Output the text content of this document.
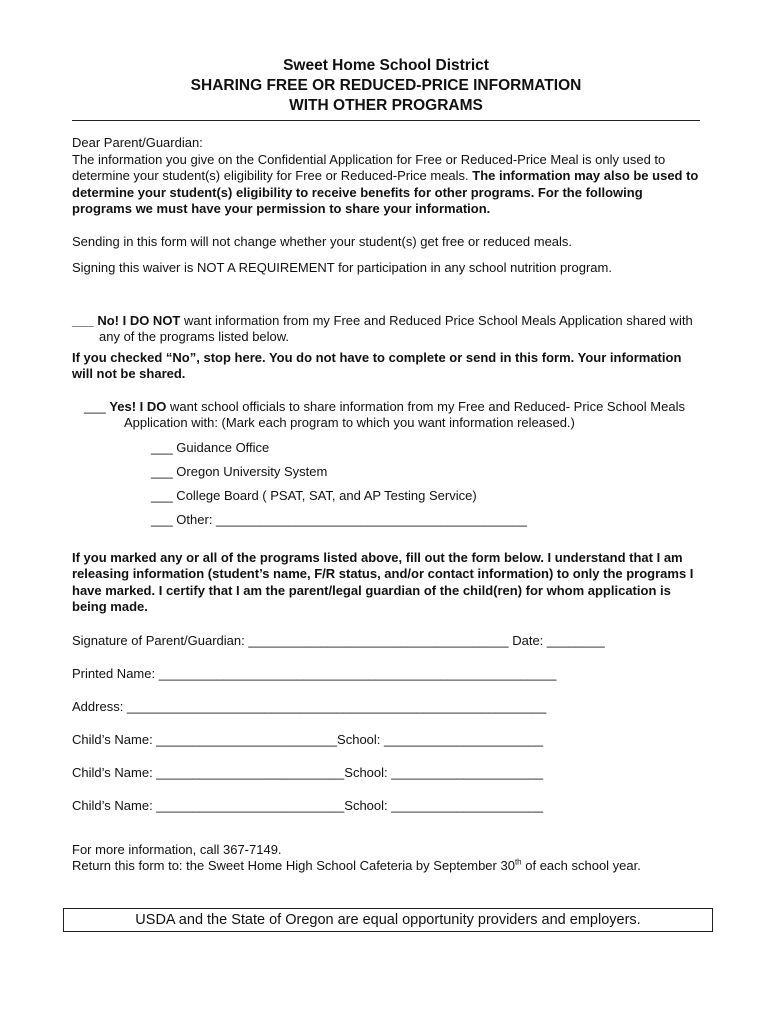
Sweet Home School District
SHARING FREE OR REDUCED-PRICE INFORMATION
WITH OTHER PROGRAMS

Dear Parent/Guardian:

The information you give on the Confidential Application for Free or Reduced-Price Meal is only used to determine your student(s) eligibility for Free or Reduced-Price meals. The information may also be used to determine your student(s) eligibility to receive benefits for other programs. For the following programs we must have your permission to share your information.

Sending in this form will not change whether your student(s) get free or reduced meals.

Signing this waiver is NOT A REQUIREMENT for participation in any school nutrition program.

___ No! I DO NOT want information from my Free and Reduced Price School Meals Application shared with any of the programs listed below.

If you checked “No”, stop here. You do not have to complete or send in this form. Your information will not be shared.

___ Yes! I DO want school officials to share information from my Free and Reduced- Price School Meals Application with: (Mark each program to which you want information released.)

___ Guidance Office
___ Oregon University System
___ College Board ( PSAT, SAT, and AP Testing Service)
___ Other: ___________________________________________

If you marked any or all of the programs listed above, fill out the form below. I understand that I am releasing information (student’s name, F/R status, and/or contact information) to only the programs I have marked. I certify that I am the parent/legal guardian of the child(ren) for whom application is being made.

Signature of Parent/Guardian: ____________________________________ Date: ________
Printed Name: _______________________________________________________
Address: __________________________________________________________
Child’s Name: _________________________School: ______________________
Child’s Name: __________________________School: _____________________
Child’s Name: __________________________School: _____________________

For more information, call 367-7149.

Return this form to: the Sweet Home High School Cafeteria by September 30th of each school year.

USDA and the State of Oregon are equal opportunity providers and employers.
